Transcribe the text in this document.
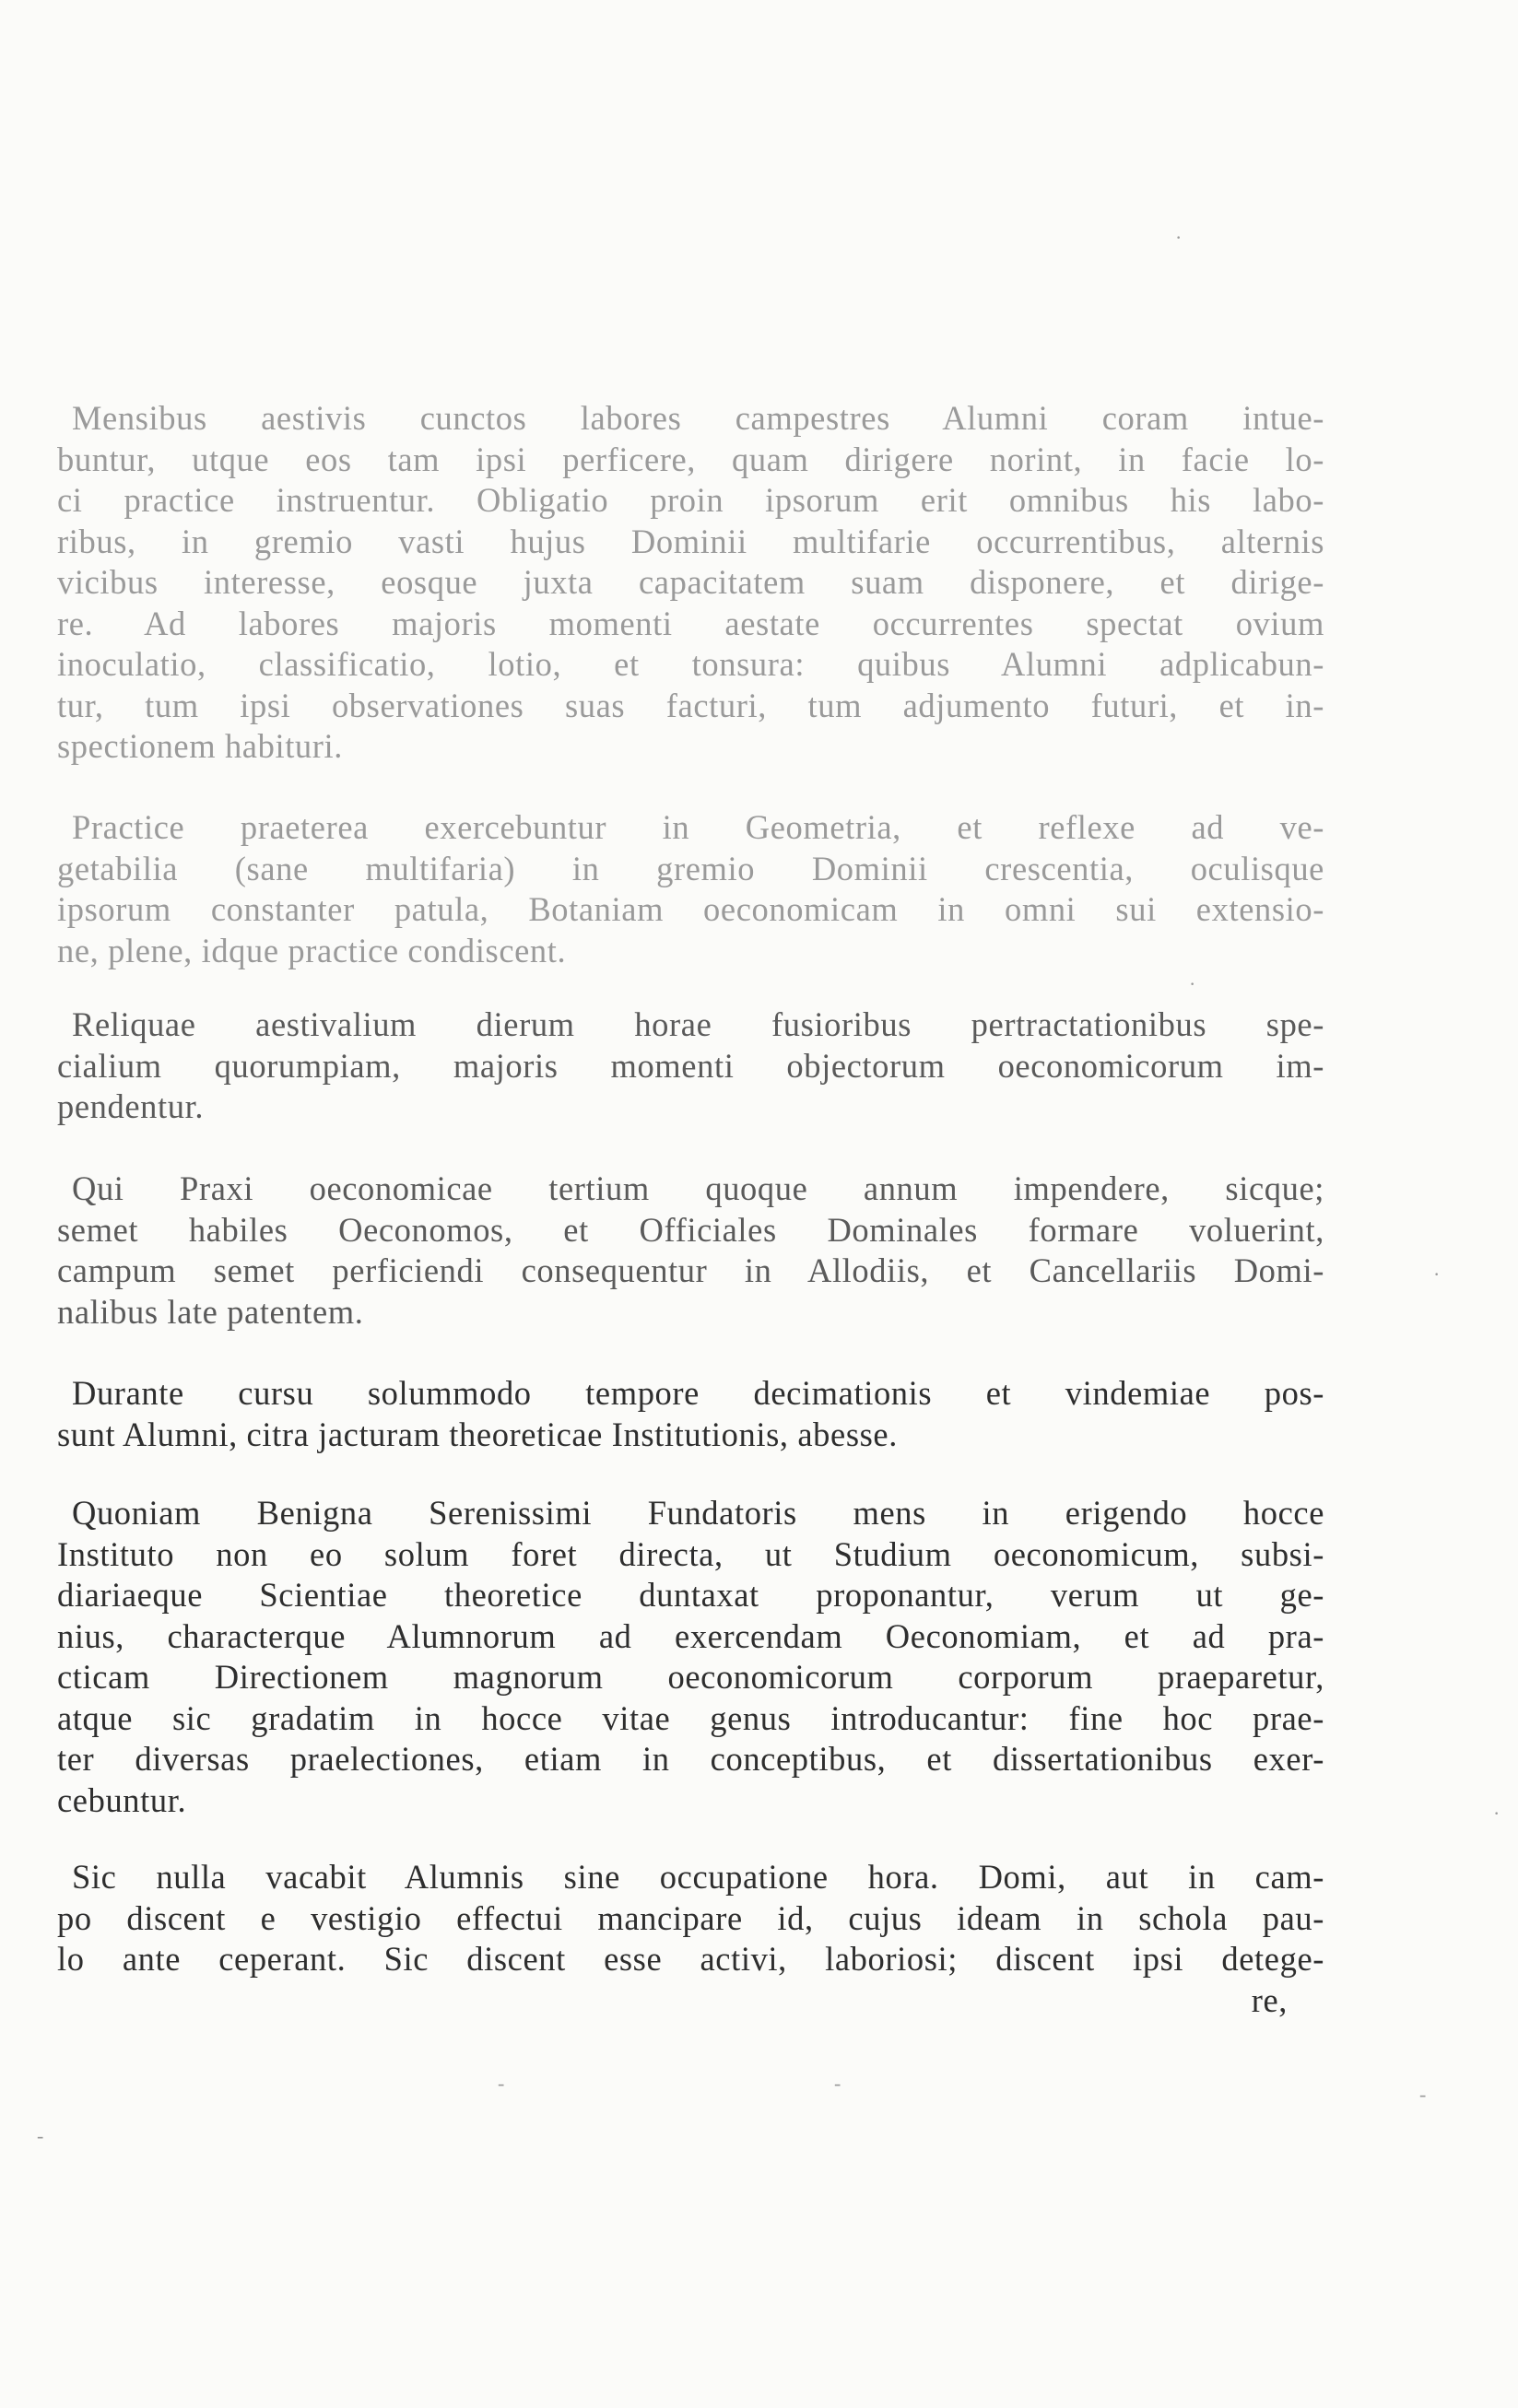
·
Mensibus aestivis cunctos labores campestres Alumni coram intue-
buntur, utque eos tam ipsi perficere, quam dirigere norint, in facie lo-
ci practice instruentur. Obligatio proin ipsorum erit omnibus his labo-
ribus, in gremio vasti hujus Dominii multifarie occurrentibus, alternis
vicibus interesse, eosque juxta capacitatem suam disponere, et dirige-
re. Ad labores majoris momenti aestate occurrentes spectat ovium
inoculatio, classificatio, lotio, et tonsura: quibus Alumni adplicabun-
tur, tum ipsi observationes suas facturi, tum adjumento futuri, et in-
spectionem habituri.
Practice praeterea exercebuntur in Geometria, et reflexe ad ve-
getabilia (sane multifaria) in gremio Dominii crescentia, oculisque
ipsorum constanter patula, Botaniam oeconomicam in omni sui extensio-
ne, plene, idque practice condiscent.
Reliquae aestivalium dierum horae fusioribus pertractationibus spe-
cialium quorumpiam, majoris momenti objectorum oeconomicorum im-
pendentur.
Qui Praxi oeconomicae tertium quoque annum impendere, sicque;
semet habiles Oeconomos, et Officiales Dominales formare voluerint,
campum semet perficiendi consequentur in Allodiis, et Cancellariis Domi-
nalibus late patentem.
Durante cursu solummodo tempore decimationis et vindemiae pos-
sunt Alumni, citra jacturam theoreticae Institutionis, abesse.
Quoniam Benigna Serenissimi Fundatoris mens in erigendo hocce
Instituto non eo solum foret directa, ut Studium oeconomicum, subsi-
diariaeque Scientiae theoretice duntaxat proponantur, verum ut ge-
nius, characterque Alumnorum ad exercendam Oeconomiam, et ad pra-
cticam Directionem magnorum oeconomicorum corporum praeparetur,
atque sic gradatim in hocce vitae genus introducantur: fine hoc prae-
ter diversas praelectiones, etiam in conceptibus, et dissertationibus exer-
cebuntur.
Sic nulla vacabit Alumnis sine occupatione hora. Domi, aut in cam-
po discent e vestigio effectui mancipare id, cujus ideam in schola pau-
lo ante ceperant. Sic discent esse activi, laboriosi; discent ipsi detege-
re,
·
·
·
-	-	-
-
